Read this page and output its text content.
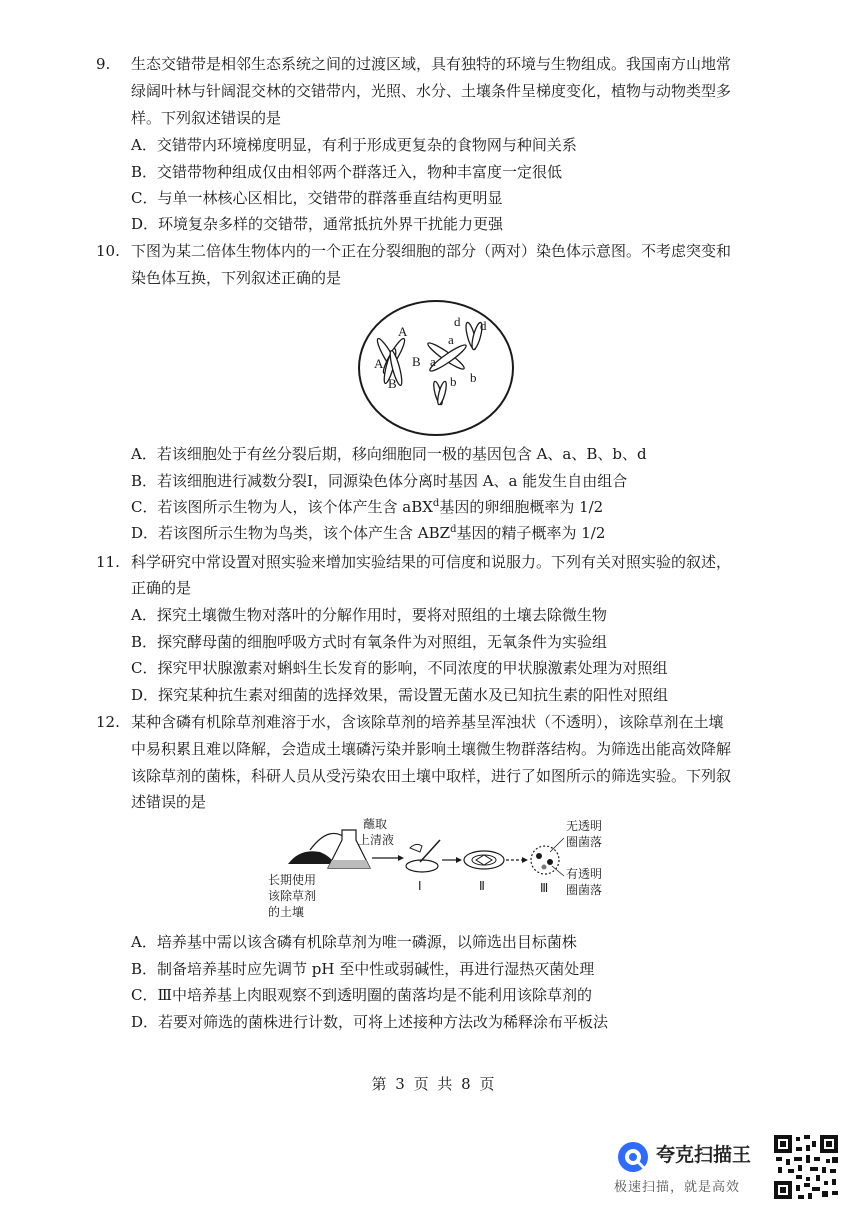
9. 生态交错带是相邻生态系统之间的过渡区域，具有独特的环境与生物组成。我国南方山地常
绿阔叶林与针阔混交林的交错带内，光照、水分、土壤条件呈梯度变化，植物与动物类型多
样。下列叙述错误的是
A．交错带内环境梯度明显，有利于形成更复杂的食物网与种间关系
B．交错带物种组成仅由相邻两个群落迁入，物种丰富度一定很低
C．与单一林核心区相比，交错带的群落垂直结构更明显
D．环境复杂多样的交错带，通常抵抗外界干扰能力更强
10. 下图为某二倍体生物体内的一个正在分裂细胞的部分（两对）染色体示意图。不考虑突变和
染色体互换，下列叙述正确的是
A
A B
B
a
a
b b
d d
A．若该细胞处于有丝分裂后期，移向细胞同一极的基因包含 A、a、B、b、d
B．若该细胞进行减数分裂Ⅰ，同源染色体分离时基因 A、a 能发生自由组合
C．若该图所示生物为人，该个体产生含 aBX$^d$基因的卵细胞概率为 1/2
D．若该图所示生物为鸟类，该个体产生含 ABZ$^d$基因的精子概率为 1/2
11. 科学研究中常设置对照实验来增加实验结果的可信度和说服力。下列有关对照实验的叙述，
正确的是
A．探究土壤微生物对落叶的分解作用时，要将对照组的土壤去除微生物
B．探究酵母菌的细胞呼吸方式时有氧条件为对照组，无氧条件为实验组
C．探究甲状腺激素对蝌蚪生长发育的影响，不同浓度的甲状腺激素处理为对照组
D．探究某种抗生素对细菌的选择效果，需设置无菌水及已知抗生素的阳性对照组
12. 某种含磷有机除草剂难溶于水，含该除草剂的培养基呈浑浊状（不透明），该除草剂在土壤
中易积累且难以降解，会造成土壤磷污染并影响土壤微生物群落结构。为筛选出能高效降解
该除草剂的菌株，科研人员从受污染农田土壤中取样，进行了如图所示的筛选实验。下列叙
述错误的是
长期使用
该除草剂
的土壤
蘸取
上清液
Ⅰ	Ⅱ	Ⅲ
无透明
圈菌落
有透明
圈菌落
A．培养基中需以该含磷有机除草剂为唯一磷源，以筛选出目标菌株
B．制备培养基时应先调节 pH 至中性或弱碱性，再进行湿热灭菌处理
C．Ⅲ中培养基上肉眼观察不到透明圈的菌落均是不能利用该除草剂的
D．若要对筛选的菌株进行计数，可将上述接种方法改为稀释涂布平板法
第 3 页 共 8 页
夸克扫描王
极速扫描，就是高效
